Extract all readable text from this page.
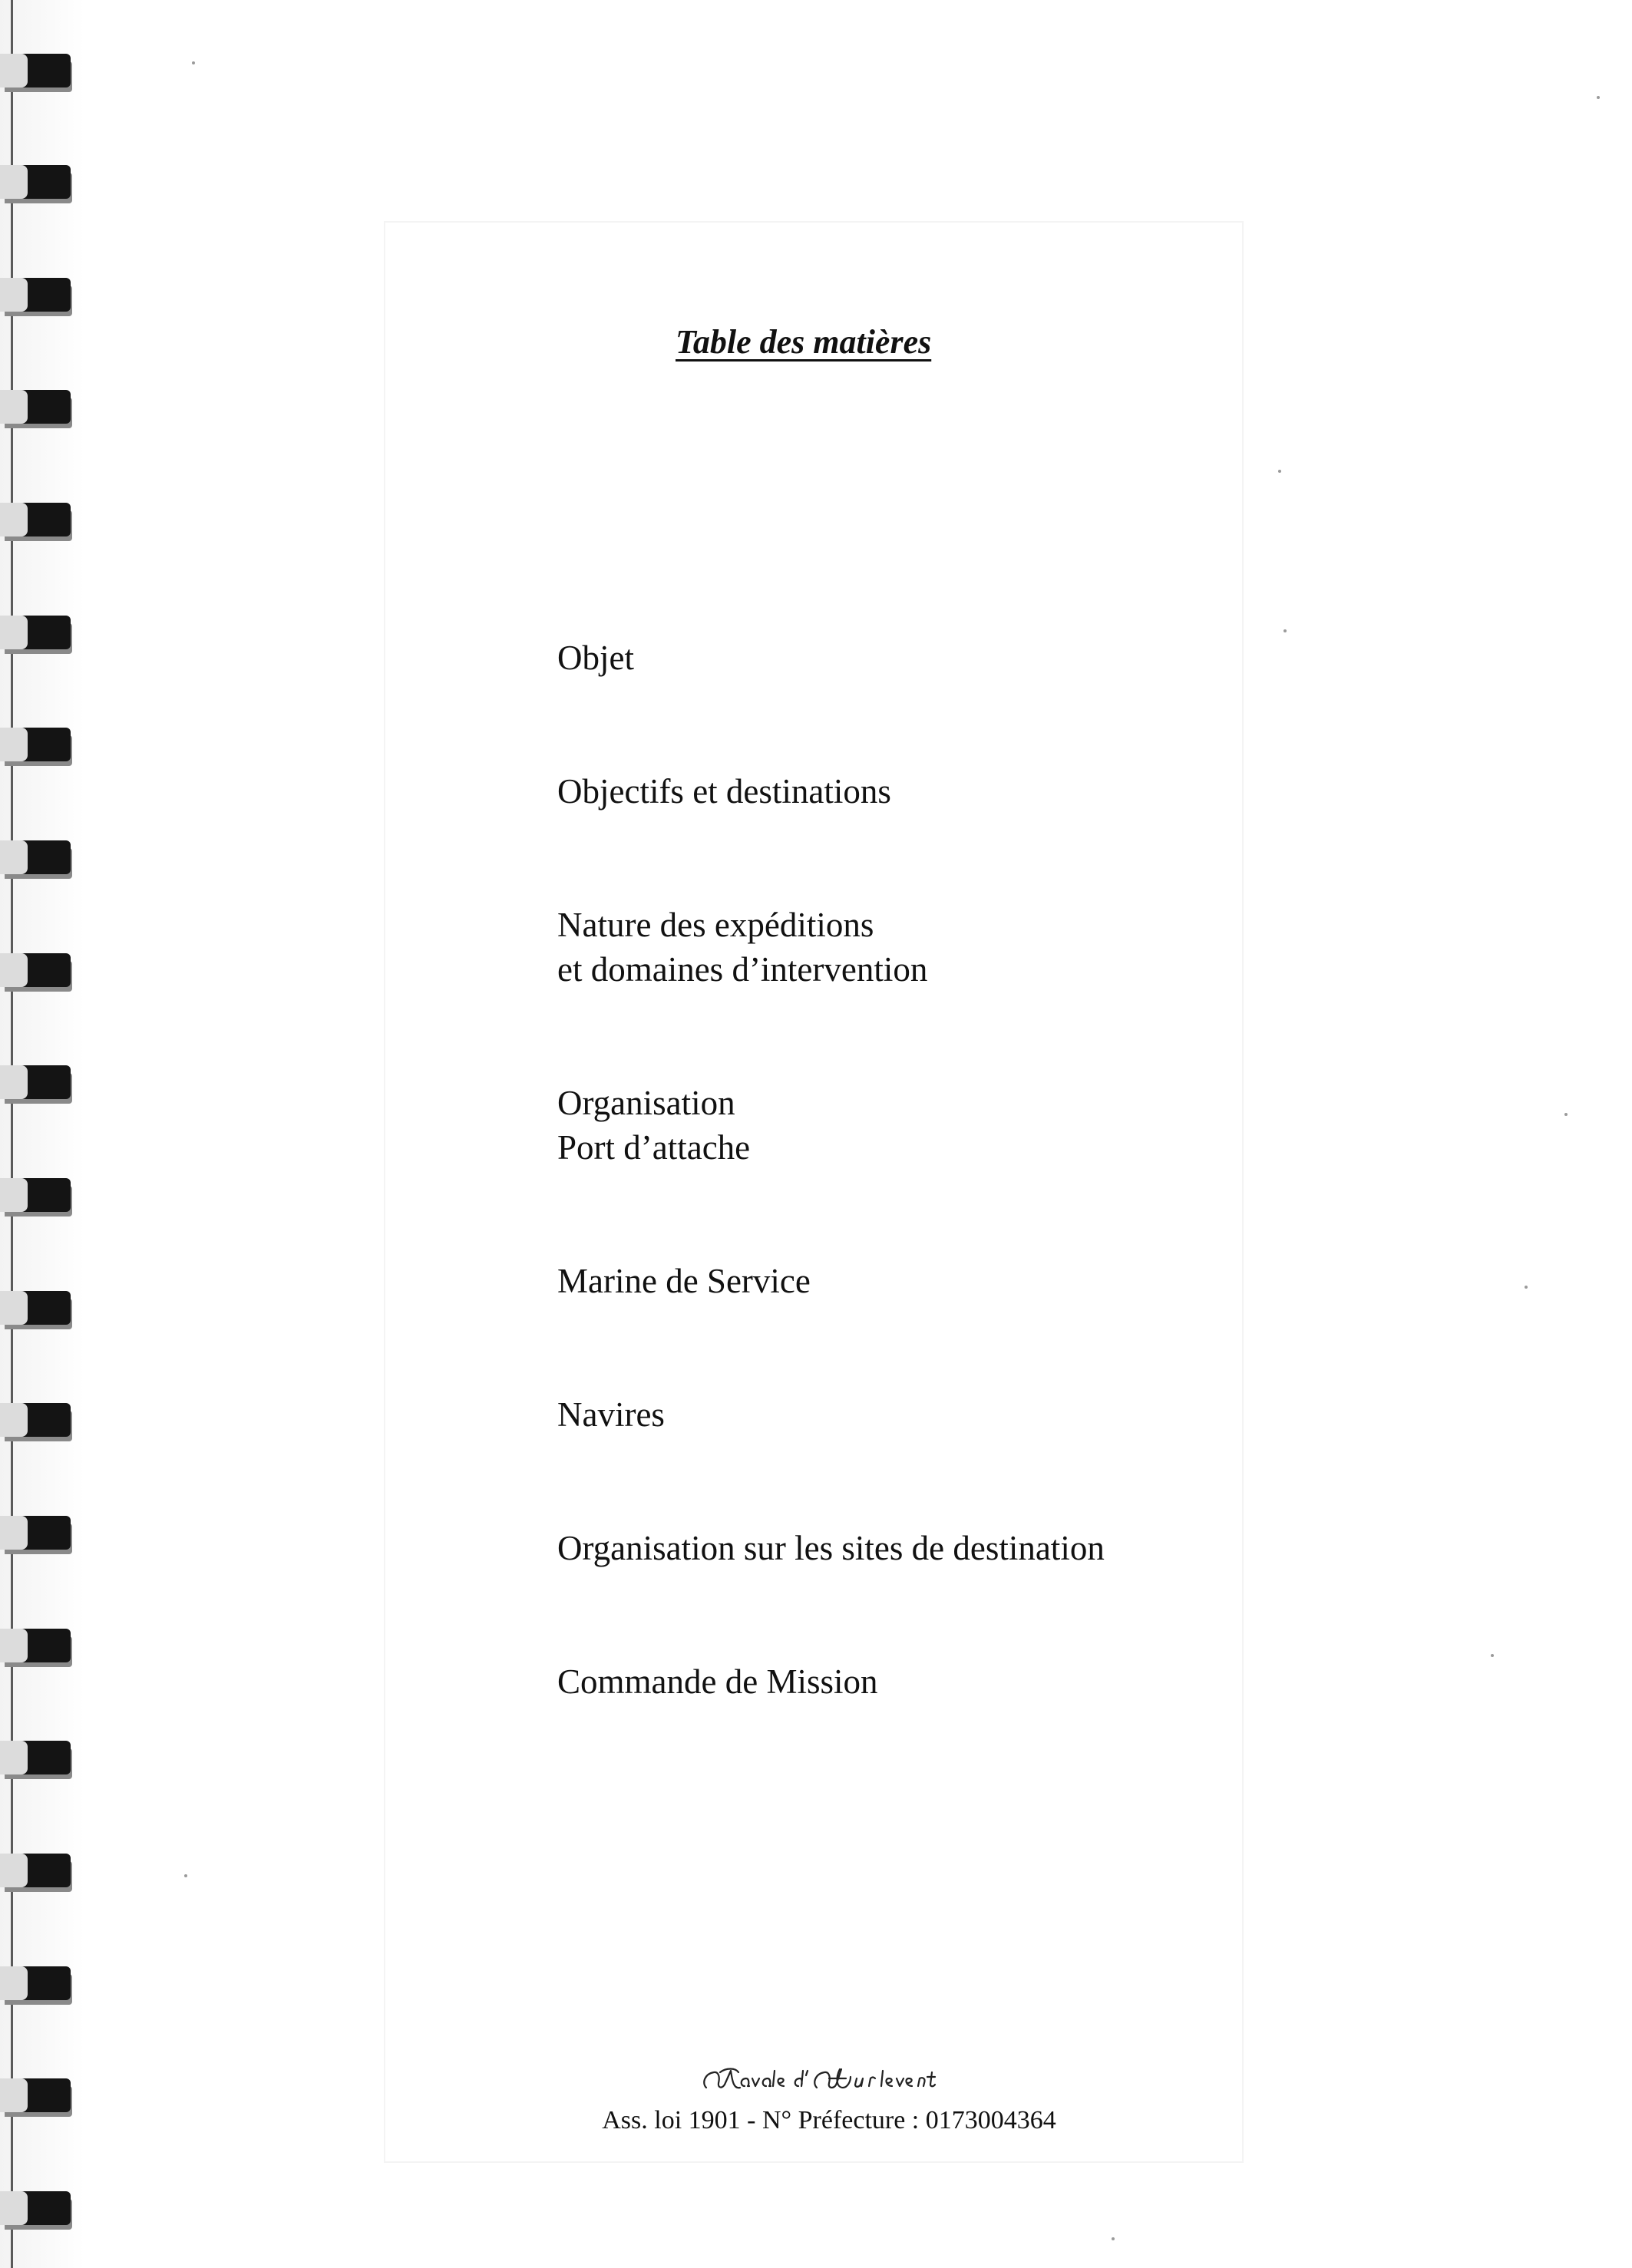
Table des matières
Objet
Objectifs et destinations
Nature des expéditions
et domaines d’intervention
Organisation
Port d’attache
Marine de Service
Navires
Organisation sur les sites de destination
Commande de Mission
Ass. loi 1901 - N° Préfecture : 0173004364
